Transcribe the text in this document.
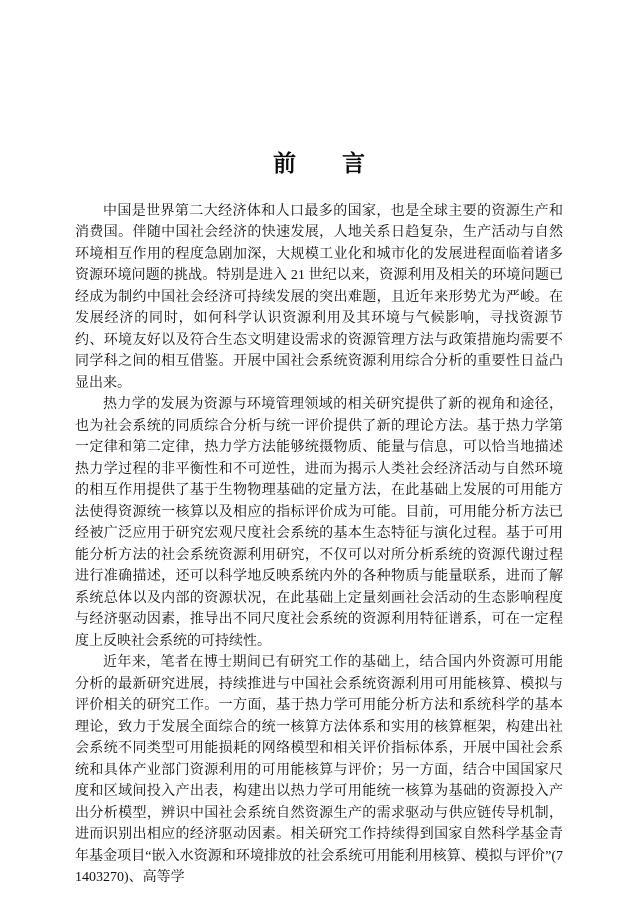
前　　言

中国是世界第二大经济体和人口最多的国家，也是全球主要的资源生产和消费国。伴随中国社会经济的快速发展，人地关系日趋复杂，生产活动与自然环境相互作用的程度急剧加深，大规模工业化和城市化的发展进程面临着诸多资源环境问题的挑战。特别是进入 21 世纪以来，资源利用及相关的环境问题已经成为制约中国社会经济可持续发展的突出难题，且近年来形势尤为严峻。在发展经济的同时，如何科学认识资源利用及其环境与气候影响，寻找资源节约、环境友好以及符合生态文明建设需求的资源管理方法与政策措施均需要不同学科之间的相互借鉴。开展中国社会系统资源利用综合分析的重要性日益凸显出来。

热力学的发展为资源与环境管理领域的相关研究提供了新的视角和途径，也为社会系统的同质综合分析与统一评价提供了新的理论方法。基于热力学第一定律和第二定律，热力学方法能够统摄物质、能量与信息，可以恰当地描述热力学过程的非平衡性和不可逆性，进而为揭示人类社会经济活动与自然环境的相互作用提供了基于生物物理基础的定量方法，在此基础上发展的可用能方法使得资源统一核算以及相应的指标评价成为可能。目前，可用能分析方法已经被广泛应用于研究宏观尺度社会系统的基本生态特征与演化过程。基于可用能分析方法的社会系统资源利用研究，不仅可以对所分析系统的资源代谢过程进行准确描述，还可以科学地反映系统内外的各种物质与能量联系，进而了解系统总体以及内部的资源状况，在此基础上定量刻画社会活动的生态影响程度与经济驱动因素，推导出不同尺度社会系统的资源利用特征谱系，可在一定程度上反映社会系统的可持续性。

近年来，笔者在博士期间已有研究工作的基础上，结合国内外资源可用能分析的最新研究进展，持续推进与中国社会系统资源利用可用能核算、模拟与评价相关的研究工作。一方面，基于热力学可用能分析方法和系统科学的基本理论，致力于发展全面综合的统一核算方法体系和实用的核算框架，构建出社会系统不同类型可用能损耗的网络模型和相关评价指标体系，开展中国社会系统和具体产业部门资源利用的可用能核算与评价；另一方面，结合中国国家尺度和区域间投入产出表，构建出以热力学可用能统一核算为基础的资源投入产出分析模型，辨识中国社会系统自然资源生产的需求驱动与供应链传导机制，进而识别出相应的经济驱动因素。相关研究工作持续得到国家自然科学基金青年基金项目“嵌入水资源和环境排放的社会系统可用能利用核算、模拟与评价”(71403270)、高等学
